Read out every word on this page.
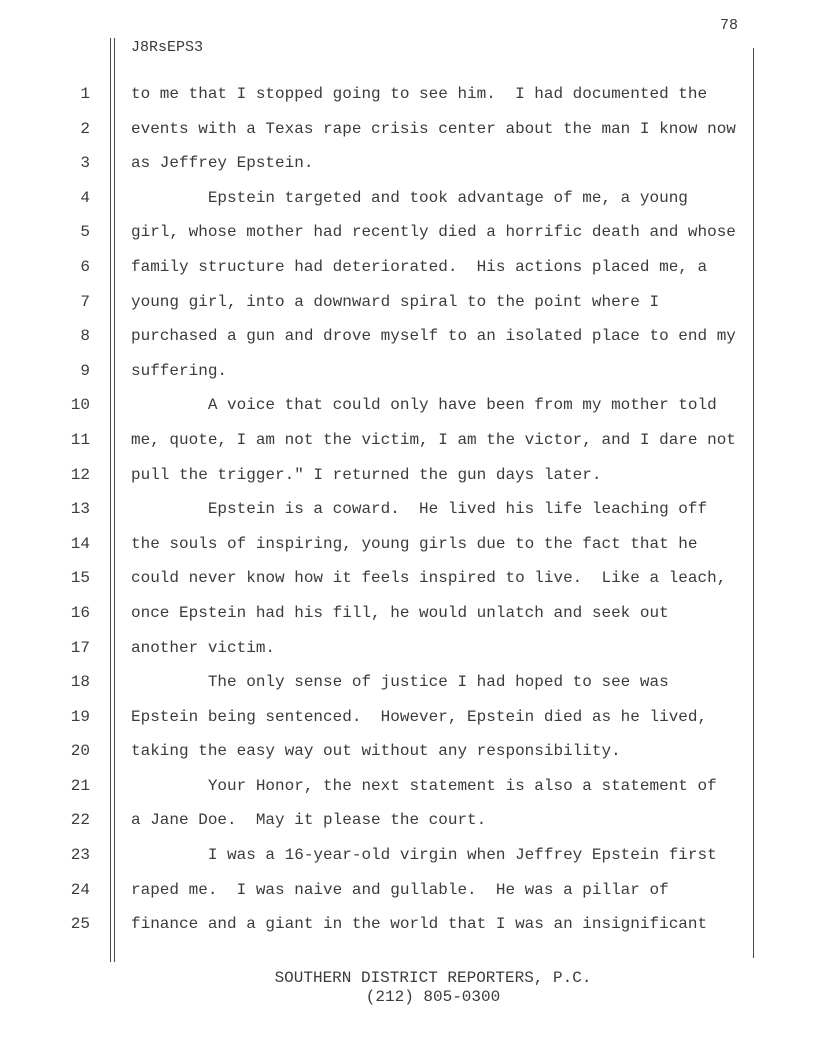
78
J8RsEPS3
1	to me that I stopped going to see him.  I had documented the
2	events with a Texas rape crisis center about the man I know now
3	as Jeffrey Epstein.
4	Epstein targeted and took advantage of me, a young
5	girl, whose mother had recently died a horrific death and whose
6	family structure had deteriorated.  His actions placed me, a
7	young girl, into a downward spiral to the point where I
8	purchased a gun and drove myself to an isolated place to end my
9	suffering.
10	A voice that could only have been from my mother told
11	me, quote, I am not the victim, I am the victor, and I dare not
12	pull the trigger." I returned the gun days later.
13	Epstein is a coward.  He lived his life leaching off
14	the souls of inspiring, young girls due to the fact that he
15	could never know how it feels inspired to live.  Like a leach,
16	once Epstein had his fill, he would unlatch and seek out
17	another victim.
18	The only sense of justice I had hoped to see was
19	Epstein being sentenced.  However, Epstein died as he lived,
20	taking the easy way out without any responsibility.
21	Your Honor, the next statement is also a statement of
22	a Jane Doe.  May it please the court.
23	I was a 16-year-old virgin when Jeffrey Epstein first
24	raped me.  I was naive and gullable.  He was a pillar of
25	finance and a giant in the world that I was an insignificant
SOUTHERN DISTRICT REPORTERS, P.C.
(212) 805-0300
